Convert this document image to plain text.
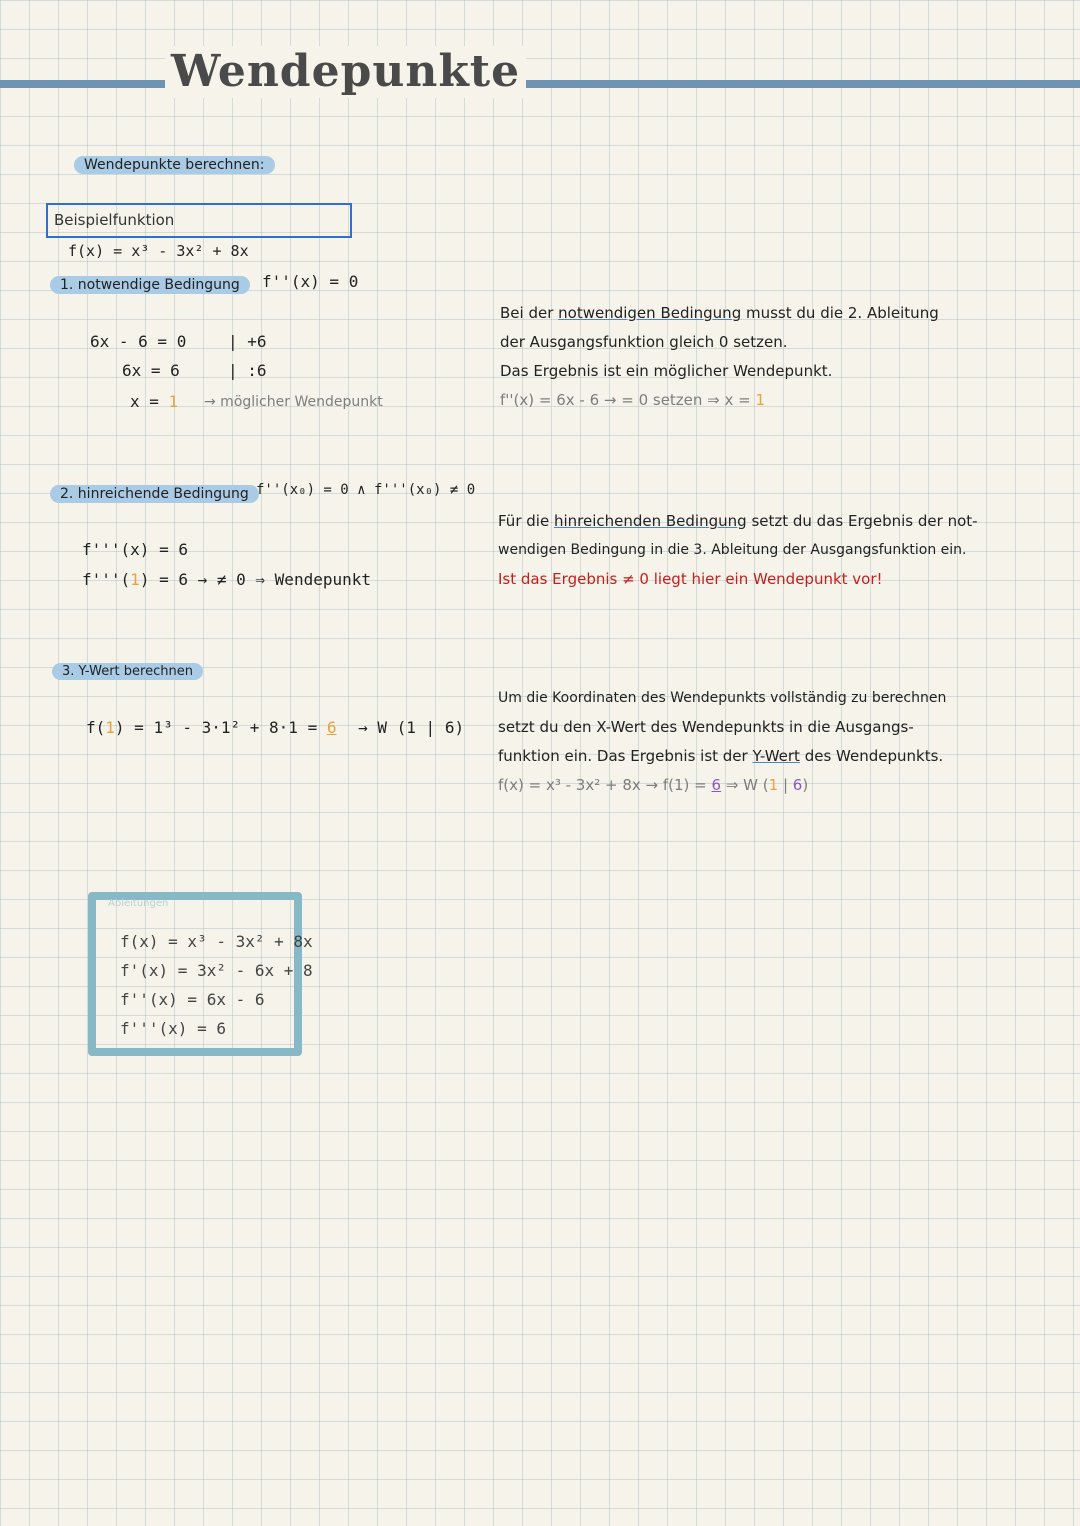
Wendepunkte
Wendepunkte berechnen:
Beispielfunktion f(x) = x³ - 3x² + 8x
1. notwendige Bedingung	f''(x) = 0
6x - 6 = 0	| +6
6x = 6	| :6
x = 1 → möglicher Wendepunkt
Bei der notwendigen Bedingung musst du die 2. Ableitung
der Ausgangsfunktion gleich 0 setzen.
Das Ergebnis ist ein möglicher Wendepunkt.
f''(x) = 6x - 6 → = 0 setzen ⇒ x = 1
2. hinreichende Bedingung f''(x₀) = 0 ∧ f'''(x₀) ≠ 0
f'''(x) = 6
f'''(1) = 6 → ≠ 0 ⇒ Wendepunkt
Für die hinreichenden Bedingung setzt du das Ergebnis der not-
wendigen Bedingung in die 3. Ableitung der Ausgangsfunktion ein.
Ist das Ergebnis ≠ 0 liegt hier ein Wendepunkt vor!
3. Y-Wert berechnen
f(1) = 1³ - 3·1² + 8·1 = 6 → W (1 | 6)
Um die Koordinaten des Wendepunkts vollständig zu berechnen
setzt du den X-Wert des Wendepunkts in die Ausgangs-
funktion ein. Das Ergebnis ist der Y-Wert des Wendepunkts.
f(x) = x³ - 3x² + 8x → f(1) = 6 ⇒ W (1 | 6)
Ableitungen
f(x) = x³ - 3x² + 8x
f'(x) = 3x² - 6x + 8
f''(x) = 6x - 6
f'''(x) = 6
